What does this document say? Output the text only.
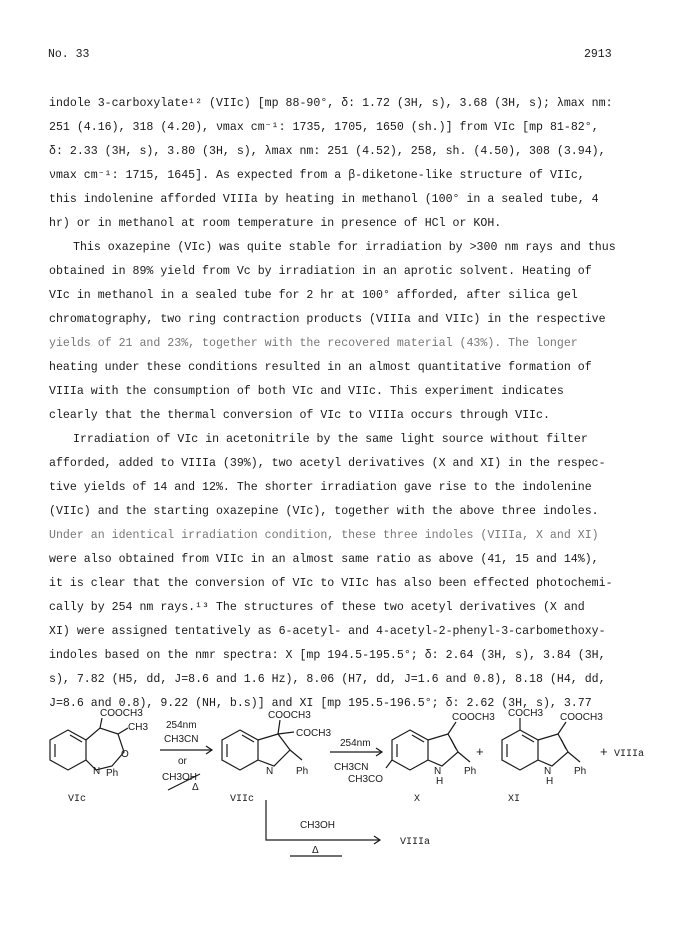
No. 33	2913
indole 3-carboxylate¹² (VIIc) [mp 88-90°, δ: 1.72 (3H, s), 3.68 (3H, s); λmax nm:
251 (4.16), 318 (4.20), νmax cm⁻¹: 1735, 1705, 1650 (sh.)] from VIc [mp 81-82°,
δ: 2.33 (3H, s), 3.80 (3H, s), λmax nm: 251 (4.52), 258, sh. (4.50), 308 (3.94),
νmax cm⁻¹: 1715, 1645]. As expected from a β-diketone-like structure of VIIc,
this indolenine afforded VIIIa by heating in methanol (100° in a sealed tube, 4
hr) or in methanol at room temperature in presence of HCl or KOH.
This oxazepine (VIc) was quite stable for irradiation by >300 nm rays and thus
obtained in 89% yield from Vc by irradiation in an aprotic solvent. Heating of
VIc in methanol in a sealed tube for 2 hr at 100° afforded, after silica gel
chromatography, two ring contraction products (VIIIa and VIIc) in the respective
yields of 21 and 23%, together with the recovered material (43%). The longer
heating under these conditions resulted in an almost quantitative formation of
VIIIa with the consumption of both VIc and VIIc. This experiment indicates
clearly that the thermal conversion of VIc to VIIIa occurs through VIIc.
Irradiation of VIc in acetonitrile by the same light source without filter
afforded, added to VIIIa (39%), two acetyl derivatives (X and XI) in the respec-
tive yields of 14 and 12%. The shorter irradiation gave rise to the indolenine
(VIIc) and the starting oxazepine (VIc), together with the above three indoles.
Under an identical irradiation condition, these three indoles (VIIIa, X and XI)
were also obtained from VIIc in an almost same ratio as above (41, 15 and 14%),
it is clear that the conversion of VIc to VIIc has also been effected photochemi-
cally by 254 nm rays.¹³ The structures of these two acetyl derivatives (X and
XI) were assigned tentatively as 6-acetyl- and 4-acetyl-2-phenyl-3-carbomethoxy-
indoles based on the nmr spectra: X [mp 194.5-195.5°; δ: 2.64 (3H, s), 3.84 (3H,
s), 7.82 (H5, dd, J=8.6 and 1.6 Hz), 8.06 (H7, dd, J=1.6 and 0.8), 8.18 (H4, dd,
J=8.6 and 0.8), 9.22 (NH, b.s)] and XI [mp 195.5-196.5°; δ: 2.62 (3H, s), 3.77
COOCH3
CH3
O
N Ph
VIc
254nm
CH3CN
or
CH3OH
Δ
COOCH3
COCH3
N Ph
VIIc
254nm
CH3CN
COOCH3
CH3CO
N
H
Ph
X
+
COCH3 COOCH3
N
H
Ph
XI
+ VIIIa
CH3OH
Δ
VIIIa
